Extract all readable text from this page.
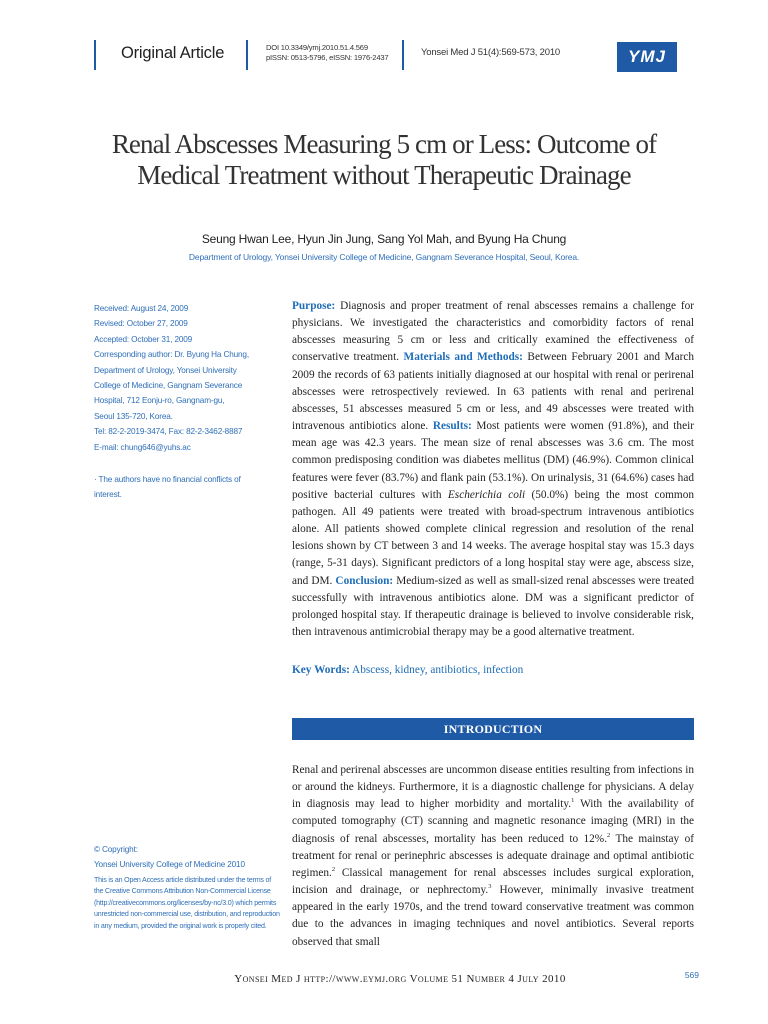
Original Article	DOI 10.3349/ymj.2010.51.4.569
pISSN: 0513-5796, eISSN: 1976-2437	Yonsei Med J 51(4):569-573, 2010	YMJ
Renal Abscesses Measuring 5 cm or Less: Outcome of
Medical Treatment without Therapeutic Drainage
Seung Hwan Lee, Hyun Jin Jung, Sang Yol Mah, and Byung Ha Chung
Department of Urology, Yonsei University College of Medicine, Gangnam Severance Hospital, Seoul, Korea.
Received: August 24, 2009
Revised: October 27, 2009
Accepted: October 31, 2009
Corresponding author: Dr. Byung Ha Chung,
Department of Urology, Yonsei University
College of Medicine, Gangnam Severance
Hospital, 712 Eonju-ro, Gangnam-gu,
Seoul 135-720, Korea.
Tel: 82-2-2019-3474, Fax: 82-2-3462-8887
E-mail: chung646@yuhs.ac
· The authors have no financial conflicts of
interest.
Purpose: Diagnosis and proper treatment of renal abscesses remains a challenge for physicians. We investigated the characteristics and comorbidity factors of renal abscesses measuring 5 cm or less and critically examined the effectiveness of conservative treatment. Materials and Methods: Between February 2001 and March 2009 the records of 63 patients initially diagnosed at our hospital with renal or perirenal abscesses were retrospectively reviewed. In 63 patients with renal and perirenal abscesses, 51 abscesses measured 5 cm or less, and 49 abscesses were treated with intravenous antibiotics alone. Results: Most patients were women (91.8%), and their mean age was 42.3 years. The mean size of renal abscesses was 3.6 cm. The most common predisposing condition was diabetes mellitus (DM) (46.9%). Common clinical features were fever (83.7%) and flank pain (53.1%). On urinalysis, 31 (64.6%) cases had positive bacterial cultures with Escherichia coli (50.0%) being the most common pathogen. All 49 patients were treated with broad-spectrum intravenous antibiotics alone. All patients showed complete clinical regression and resolution of the renal lesions shown by CT between 3 and 14 weeks. The average hospital stay was 15.3 days (range, 5-31 days). Significant predictors of a long hospital stay were age, abscess size, and DM. Conclusion: Medium-sized as well as small-sized renal abscesses were treated successfully with intravenous antibiotics alone. DM was a significant predictor of prolonged hospital stay. If therapeutic drainage is believed to involve considerable risk, then intravenous antimicrobial therapy may be a good alternative treatment.
Key Words: Abscess, kidney, antibiotics, infection
INTRODUCTION
Renal and perirenal abscesses are uncommon disease entities resulting from infections in or around the kidneys. Furthermore, it is a diagnostic challenge for physicians. A delay in diagnosis may lead to higher morbidity and mortality.$^1$ With the availability of computed tomography (CT) scanning and magnetic resonance imaging (MRI) in the diagnosis of renal abscesses, mortality has been reduced to 12%.$^2$ The mainstay of treatment for renal or perinephric abscesses is adequate drainage and optimal antibiotic regimen.$^2$ Classical management for renal abscesses includes surgical exploration, incision and drainage, or nephrectomy.$^3$ However, minimally invasive treatment appeared in the early 1970s, and the trend toward conservative treatment was common due to the advances in imaging techniques and novel antibiotics. Several reports observed that small
© Copyright:
Yonsei University College of Medicine 2010
This is an Open Access article distributed under the terms of the Creative Commons Attribution Non-Commercial License (http://creativecommons.org/licenses/by-nc/3.0) which permits unrestricted non-commercial use, distribution, and reproduction in any medium, provided the original work is properly cited.
Yonsei Med J http://www.eymj.org Volume 51 Number 4 July 2010	569
